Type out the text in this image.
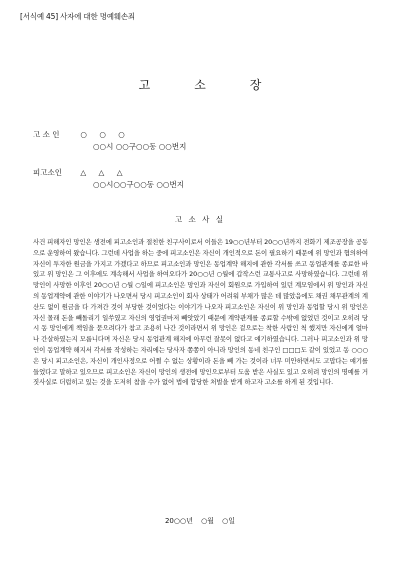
[서식예 45] 사자에 대한 명예훼손죄
고	소	장
고 소 인	○ ○ ○
○○시 ○○구○○동 ○○번지
피고소인 △ △ △
○○시○○구○○동 ○○번지
고 소 사 실
사건 피해자인 망인은 생전에 피고소인과 절친한 친구사이로서 이들은 19○○년부터 20○○년까지 전화기 제조공장을 공동으로 운영하여 왔습니다. 그런데 사업을 하는 중에 피고소인은 자신이 개인적으로 돈이 필요하기 때문에 위 망인과 협의하여 자신이 투자한 원금을 가지고 가겠다고 하므로 피고소인과 망인은 동업계약 해지에 관한 각서를 쓰고 동업관계를 종료한 바 있고 위 망인은 그 이후에도 계속해서 사업을 하여오다가 20○○년 ○월에 갑작스런 교통사고로 사망하였습니다. 그런데 위 망인이 사망한 이후인 20○○년 ○월 ○일에 피고소인은 망인과 자신이 회원으로 가입하여 있던 계모임에서 위 망인과 자신의 동업계약에 관한 이야기가 나오면서 당시 피고소인이 회사 상태가 어려워 부채가 많은 데 많았음에도 채권 채무관계의 계산도 없이 원금을 다 가져간 것이 부당한 것이었다는 이야기가 나오자 피고소인은 자신이 위 망인과 동업할 당시 위 망인은 자신 몰래 돈을 빼돌리기 일쑤였고 자신의 영업권마저 빼앗았기 때문에 계약관계를 종료할 수밖에 없었던 것이고 오히려 당시 동 망인에게 책임을 묻으려다가 참고 조용히 나간 것이라면서 위 망인은 겉으로는 착한 사람인 척 했지만 자신에게 얼마나 간살하였는지 모릅니다며 자신은 당시 동업관계 해지에 아무런 잘못이 없다고 얘기하였습니다. 그러나 피고소인과 위 망인이 동업계약 해지서 각서를 작성하는 자리에는 당사자 쫑쫑이 아니라 망인의 동네 친구인 □□□도 같이 있었고 동 ○○○은 당시 피고소인은, 자신이 개인사정으로 어쩔 수 없는 상황이라 돈을 빼 가는 것이라 너무 미안하면서도 고맙다는 얘기를 들었다고 말하고 있으므로 피고소인은 자신이 망인의 생전에 망인으로부터 도움 받은 사실도 있고 오히려 망인의 명예를 거짓사실로 더럽히고 있는 것을 도저히 참을 수가 없어 법에 합당한 처벌을 받게 하고자 고소를 하게 된 것입니다.
20○○년 ○월 ○일
